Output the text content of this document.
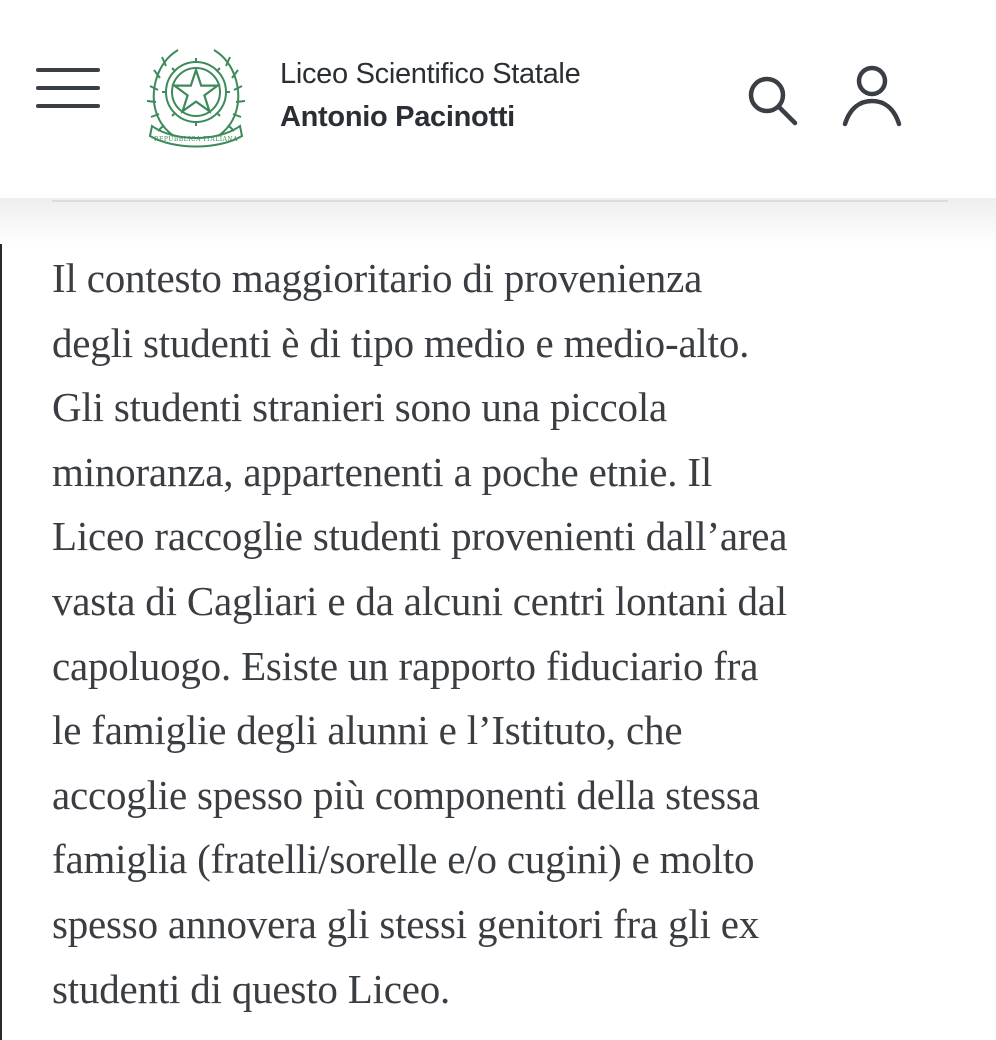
REPUBBLICA ITALIANA
Liceo Scientifico Statale
Antonio Pacinotti

Il contesto maggioritario di provenienza
degli studenti è di tipo medio e medio-alto.
Gli studenti stranieri sono una piccola
minoranza, appartenenti a poche etnie. Il
Liceo raccoglie studenti provenienti dall’area
vasta di Cagliari e da alcuni centri lontani dal
capoluogo. Esiste un rapporto fiduciario fra
le famiglie degli alunni e l’Istituto, che
accoglie spesso più componenti della stessa
famiglia (fratelli/sorelle e/o cugini) e molto
spesso annovera gli stessi genitori fra gli ex
studenti di questo Liceo.
